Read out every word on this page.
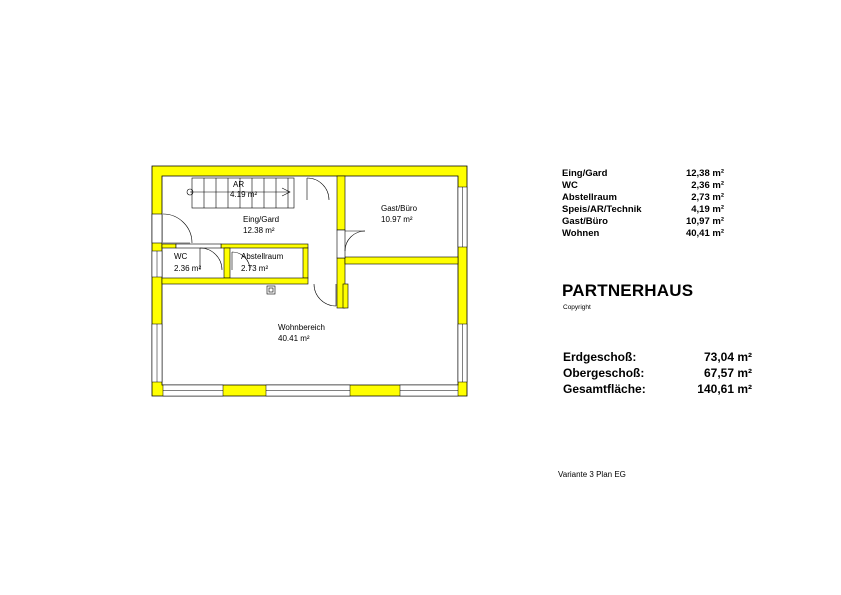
AR
4.19 m²
Eing/Gard
12.38 m²
Gast/Büro
10.97 m²
WC
2.36 m²
Abstellraum
2.73 m²
Wohnbereich
40.41 m²
Eing/Gard	12,38 m²
WC	2,36 m²
Abstellraum	2,73 m²
Speis/AR/Technik	4,19 m²
Gast/Büro	10,97 m²
Wohnen	40,41 m²
PARTNERHAUS
Copyright
Erdgeschoß:	73,04 m²
Obergeschoß:	67,57 m²
Gesamtfläche:	140,61 m²
Variante 3 Plan EG
